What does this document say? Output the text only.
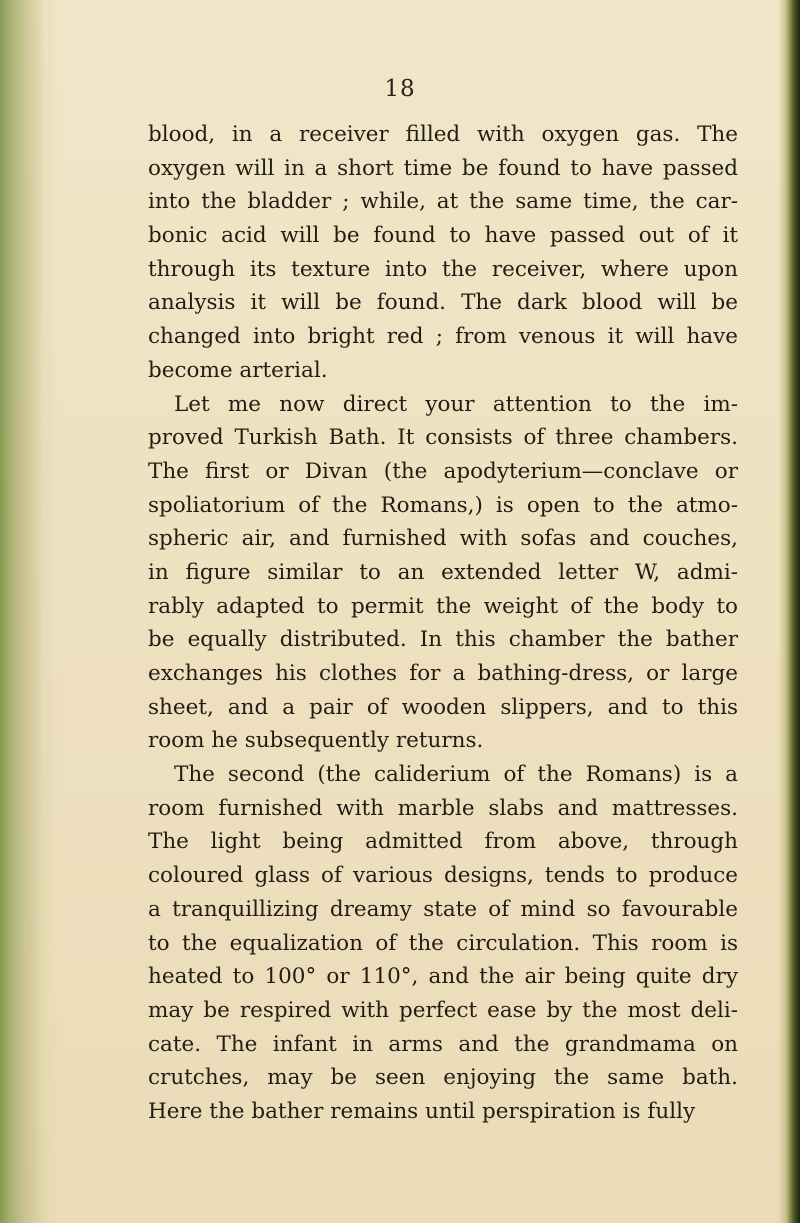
18
blood, in a receiver filled with oxygen gas. The
oxygen will in a short time be found to have passed
into the bladder ; while, at the same time, the car-
bonic acid will be found to have passed out of it
through its texture into the receiver, where upon
analysis it will be found. The dark blood will be
changed into bright red ; from venous it will have
become arterial.
Let me now direct your attention to the im-
proved Turkish Bath. It consists of three chambers.
The first or Divan (the apodyterium—conclave or
spoliatorium of the Romans,) is open to the atmo-
spheric air, and furnished with sofas and couches,
in figure similar to an extended letter W, admi-
rably adapted to permit the weight of the body to
be equally distributed. In this chamber the bather
exchanges his clothes for a bathing-dress, or large
sheet, and a pair of wooden slippers, and to this
room he subsequently returns.
The second (the caliderium of the Romans) is a
room furnished with marble slabs and mattresses.
The light being admitted from above, through
coloured glass of various designs, tends to produce
a tranquillizing dreamy state of mind so favourable
to the equalization of the circulation. This room is
heated to 100° or 110°, and the air being quite dry
may be respired with perfect ease by the most deli-
cate. The infant in arms and the grandmama on
crutches, may be seen enjoying the same bath.
Here the bather remains until perspiration is fully
